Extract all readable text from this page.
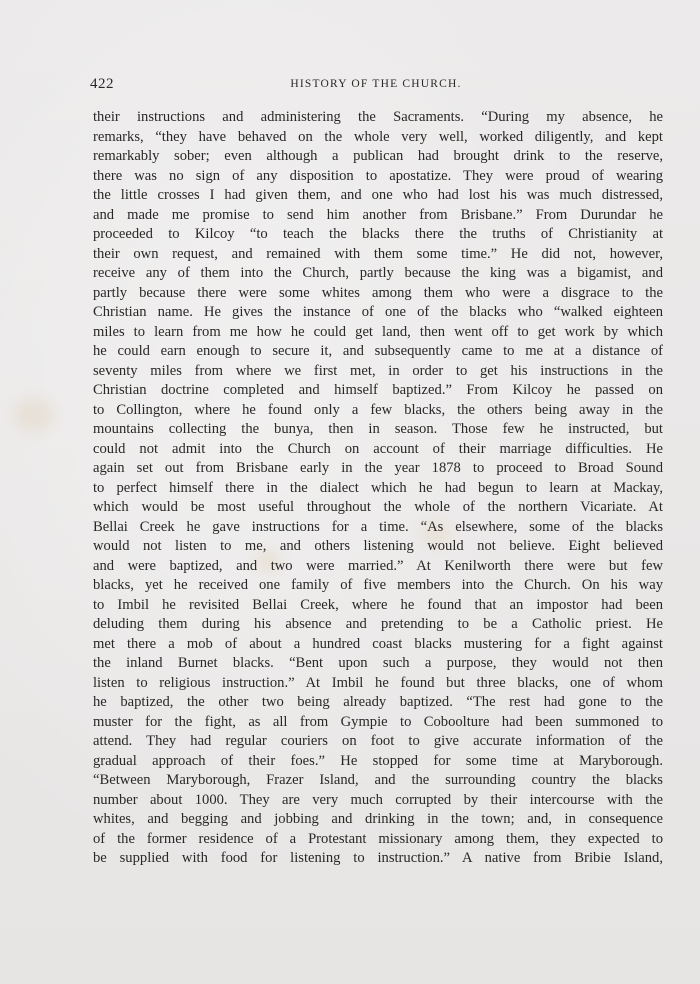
422	HISTORY OF THE CHURCH.
their instructions and administering the Sacraments. “During my absence, he
remarks, “they have behaved on the whole very well, worked diligently, and kept
remarkably sober; even although a publican had brought drink to the reserve,
there was no sign of any disposition to apostatize. They were proud of wearing
the little crosses I had given them, and one who had lost his was much distressed,
and made me promise to send him another from Brisbane.” From Durundar he
proceeded to Kilcoy “to teach the blacks there the truths of Christianity at
their own request, and remained with them some time.” He did not, however,
receive any of them into the Church, partly because the king was a bigamist, and
partly because there were some whites among them who were a disgrace to the
Christian name. He gives the instance of one of the blacks who “walked eighteen
miles to learn from me how he could get land, then went off to get work by which
he could earn enough to secure it, and subsequently came to me at a distance of
seventy miles from where we first met, in order to get his instructions in the
Christian doctrine completed and himself baptized.” From Kilcoy he passed on
to Collington, where he found only a few blacks, the others being away in the
mountains collecting the bunya, then in season. Those few he instructed, but
could not admit into the Church on account of their marriage difficulties. He
again set out from Brisbane early in the year 1878 to proceed to Broad Sound
to perfect himself there in the dialect which he had begun to learn at Mackay,
which would be most useful throughout the whole of the northern Vicariate. At
Bellai Creek he gave instructions for a time. “As elsewhere, some of the blacks
would not listen to me, and others listening would not believe. Eight believed
and were baptized, and two were married.” At Kenilworth there were but few
blacks, yet he received one family of five members into the Church. On his way
to Imbil he revisited Bellai Creek, where he found that an impostor had been
deluding them during his absence and pretending to be a Catholic priest. He
met there a mob of about a hundred coast blacks mustering for a fight against
the inland Burnet blacks. “Bent upon such a purpose, they would not then
listen to religious instruction.” At Imbil he found but three blacks, one of whom
he baptized, the other two being already baptized. “The rest had gone to the
muster for the fight, as all from Gympie to Coboolture had been summoned to
attend. They had regular couriers on foot to give accurate information of the
gradual approach of their foes.” He stopped for some time at Maryborough.
“Between Maryborough, Frazer Island, and the surrounding country the blacks
number about 1000. They are very much corrupted by their intercourse with the
whites, and begging and jobbing and drinking in the town; and, in consequence
of the former residence of a Protestant missionary among them, they expected to
be supplied with food for listening to instruction.” A native from Bribie Island,
